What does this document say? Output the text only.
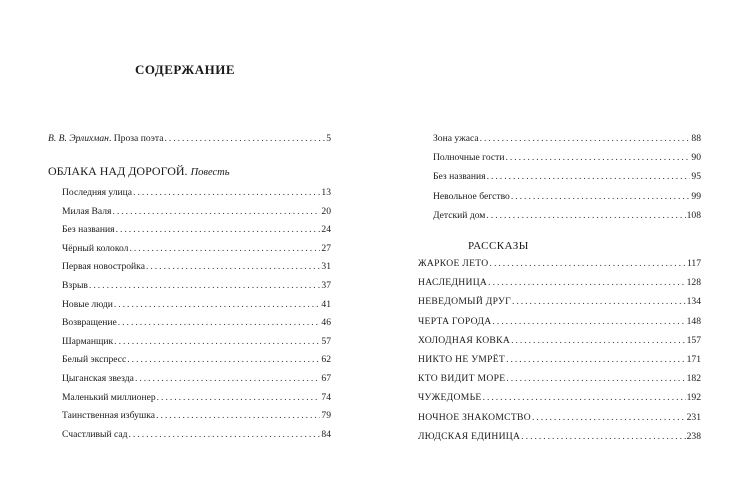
СОДЕРЖАНИЕ
В. В. Эрлихман. Проза поэта .....	5
ОБЛАКА НАД ДОРОГОЙ. Повесть
Последняя улица .....	13
Милая Валя .....	20
Без названия .....	24
Чёрный колокол .....	27
Первая новостройка .....	31
Взрыв .....	37
Новые люди .....	41
Возвращение .....	46
Шарманщик .....	57
Белый экспресс .....	62
Цыганская звезда .....	67
Маленький миллионер .....	74
Таинственная избушка .....	79
Счастливый сад .....	84
Зона ужаса .....	88
Полночные гости .....	90
Без названия .....	95
Невольное бегство .....	99
Детский дом .....	108
РАССКАЗЫ
ЖАРКОЕ ЛЕТО .....	117
НАСЛЕДНИЦА .....	128
НЕВЕДОМЫЙ ДРУГ .....	134
ЧЕРТА ГОРОДА .....	148
ХОЛОДНАЯ КОВКА .....	157
НИКТО НЕ УМРЁТ .....	171
КТО ВИДИТ МОРЕ .....	182
ЧУЖЕДОМЬЕ .....	192
НОЧНОЕ ЗНАКОМСТВО .....	231
ЛЮДСКАЯ ЕДИНИЦА .....	238
